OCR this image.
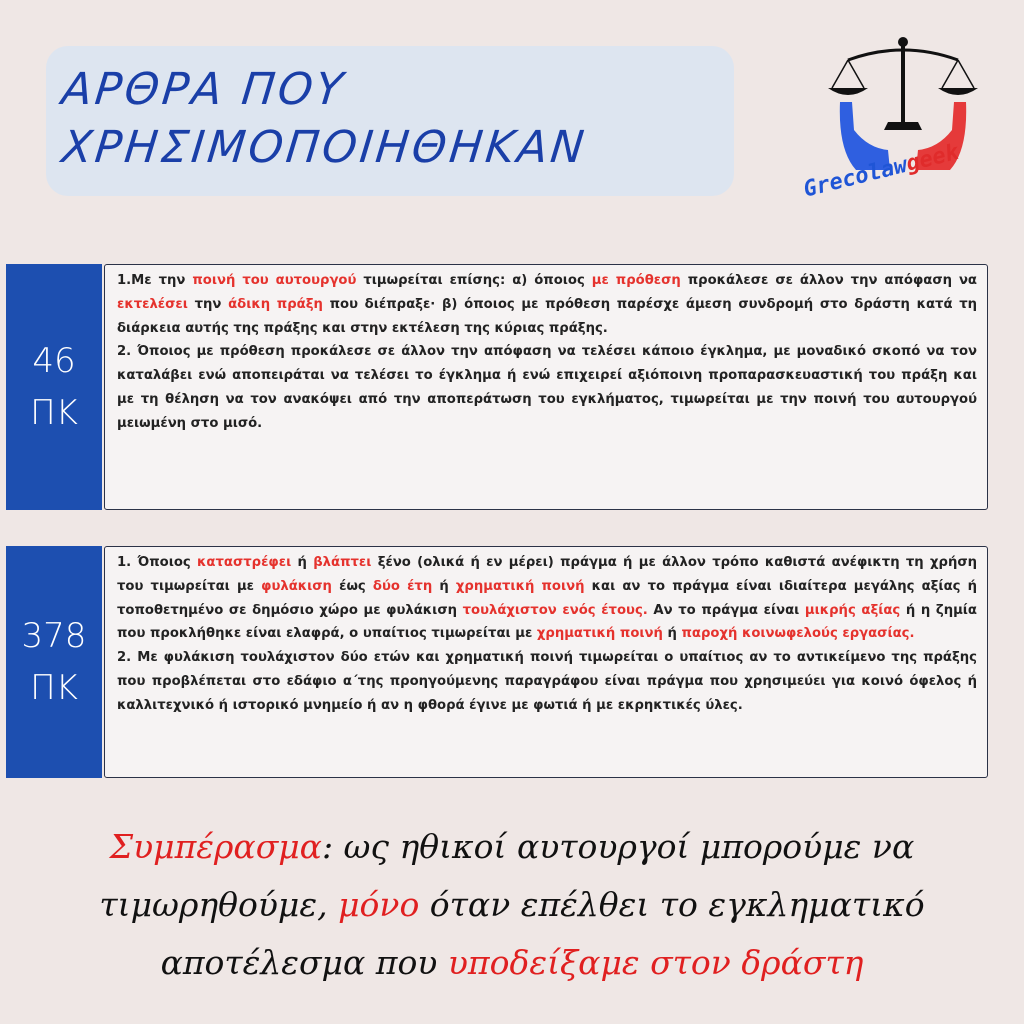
ΑΡΘΡΑ ΠΟΥ
ΧΡΗΣΙΜΟΠΟΙΗΘΗΚΑΝ
Grecolawgeek
46
ΠΚ

1.Με την ποινή του αυτουργού τιμωρείται επίσης: α) όποιος με πρόθεση προκάλεσε σε άλλον την απόφαση να εκτελέσει την άδικη πράξη που διέπραξε· β) όποιος με πρόθεση παρέσχε άμεση συνδρομή στο δράστη κατά τη διάρκεια αυτής της πράξης και στην εκτέλεση της κύριας πράξης.

2. Όποιος με πρόθεση προκάλεσε σε άλλον την απόφαση να τελέσει κάποιο έγκλημα, με μοναδικό σκοπό να τον καταλάβει ενώ αποπειράται να τελέσει το έγκλημα ή ενώ επιχειρεί αξιόποινη προπαρασκευαστική του πράξη και με τη θέληση να τον ανακόψει από την αποπεράτωση του εγκλήματος, τιμωρείται με την ποινή του αυτουργού μειωμένη στο μισό.

378
ΠΚ

1. Όποιος καταστρέφει ή βλάπτει ξένο (ολικά ή εν μέρει) πράγμα ή με άλλον τρόπο καθιστά ανέφικτη τη χρήση του τιμωρείται με φυλάκιση έως δύο έτη ή χρηματική ποινή και αν το πράγμα είναι ιδιαίτερα μεγάλης αξίας ή τοποθετημένο σε δημόσιο χώρο με φυλάκιση τουλάχιστον ενός έτους. Αν το πράγμα είναι μικρής αξίας ή η ζημία που προκλήθηκε είναι ελαφρά, ο υπαίτιος τιμωρείται με χρηματική ποινή ή παροχή κοινωφελούς εργασίας.

2. Με φυλάκιση τουλάχιστον δύο ετών και χρηματική ποινή τιμωρείται ο υπαίτιος αν το αντικείμενο της πράξης που προβλέπεται στο εδάφιο α΄της προηγούμενης παραγράφου είναι πράγμα που χρησιμεύει για κοινό όφελος ή καλλιτεχνικό ή ιστορικό μνημείο ή αν η φθορά έγινε με φωτιά ή με εκρηκτικές ύλες.

Συμπέρασμα: ως ηθικοί αυτουργοί μπορούμε να τιμωρηθούμε, μόνο όταν επέλθει το εγκληματικό αποτέλεσμα που υποδείξαμε στον δράστη
